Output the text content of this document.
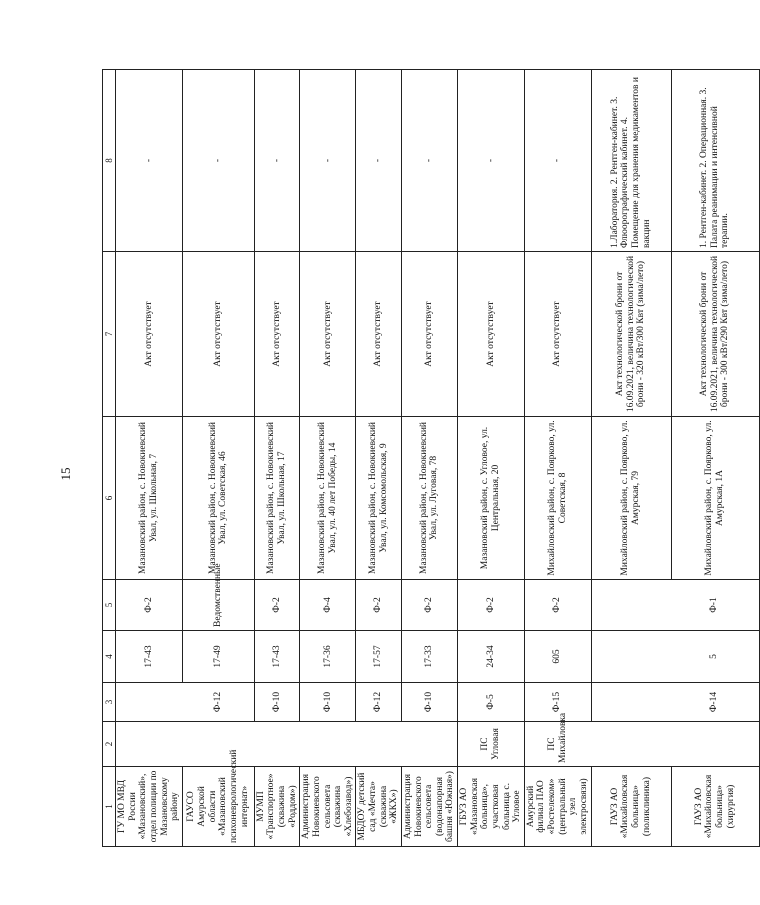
15
1	2	3	4	5	6	7	8
ГУ МО МВД России «Мазановский», отдел полиции по Мазановскому району			17-43	Ф-2	Мазановский район, с. Новокиевский Увал, ул. Школьная, 7	Акт отсутствует	-
ГАУСО Амурской области «Мазановский психоневрологический интернат»		Ф-12	17-49	Ведомственные	Мазановский район, с. Новокиевский Увал, ул. Советская, 46	Акт отсутствует	-
МУМП «Транспортное» (скважина «Роддом»)		Ф-10	17-43	Ф-2	Мазановский район, с. Новокиевский Увал, ул. Школьная, 17	Акт отсутствует	-
Администрация Новокиевского сельсовета (скважина «Хлебозавод»)		Ф-10	17-36	Ф-4	Мазановский район, с. Новокиевский Увал, ул. 40 лет Победы, 14	Акт отсутствует	-
МБДОУ детский сад «Мечта» (скважина «ЖКХ»)		Ф-12	17-57	Ф-2	Мазановский район, с. Новокиевский Увал, ул. Комсомольская, 9	Акт отсутствует	-
Администрация Новокиевского сельсовета (водонапорная башня «Южная»)		Ф-10	17-33	Ф-2	Мазановский район, с. Новокиевский Увал, ул. Луговая, 78	Акт отсутствует	-
ГБУЗ АО «Мазановская больница», участковая больница с. Угловое	ПС Угловая	Ф-5	24-34	Ф-2	Мазановский район, с. Угловое, ул. Центральная, 20	Акт отсутствует	-
Амурский филиал ПАО «Ростелеком» (центральный узел электросвязи)	ПС Михайловка	Ф-15	605	Ф-2	Михайловский район, с. Поярково, ул. Советская, 8	Акт отсутствует	-
ГАУЗ АО «Михайловская больница» (поликлиника)					Михайловский район, с. Поярково, ул. Амурская, 79	Акт технологической брони от 16.09.2021, величина технологической брони - 320 кВт/300 Квт (зима/лето)	1.Лаборатория. 2. Рентген-кабинет. 3. Флюорографический кабинет. 4. Помещение для хранения медикаментов и вакцин
ГАУЗ АО «Михайловская больница» (хирургия)		Ф-14	5	Ф-1	Михайловский район, с. Поярково, ул. Амурская, 1А	Акт технологической брони от 16.09.2021, величина технологической брони - 300 кВт/290 Квт (зима/лето)	1. Рентген-кабинет. 2. Операционная. 3. Палата реанимации и интенсивной терапии.
